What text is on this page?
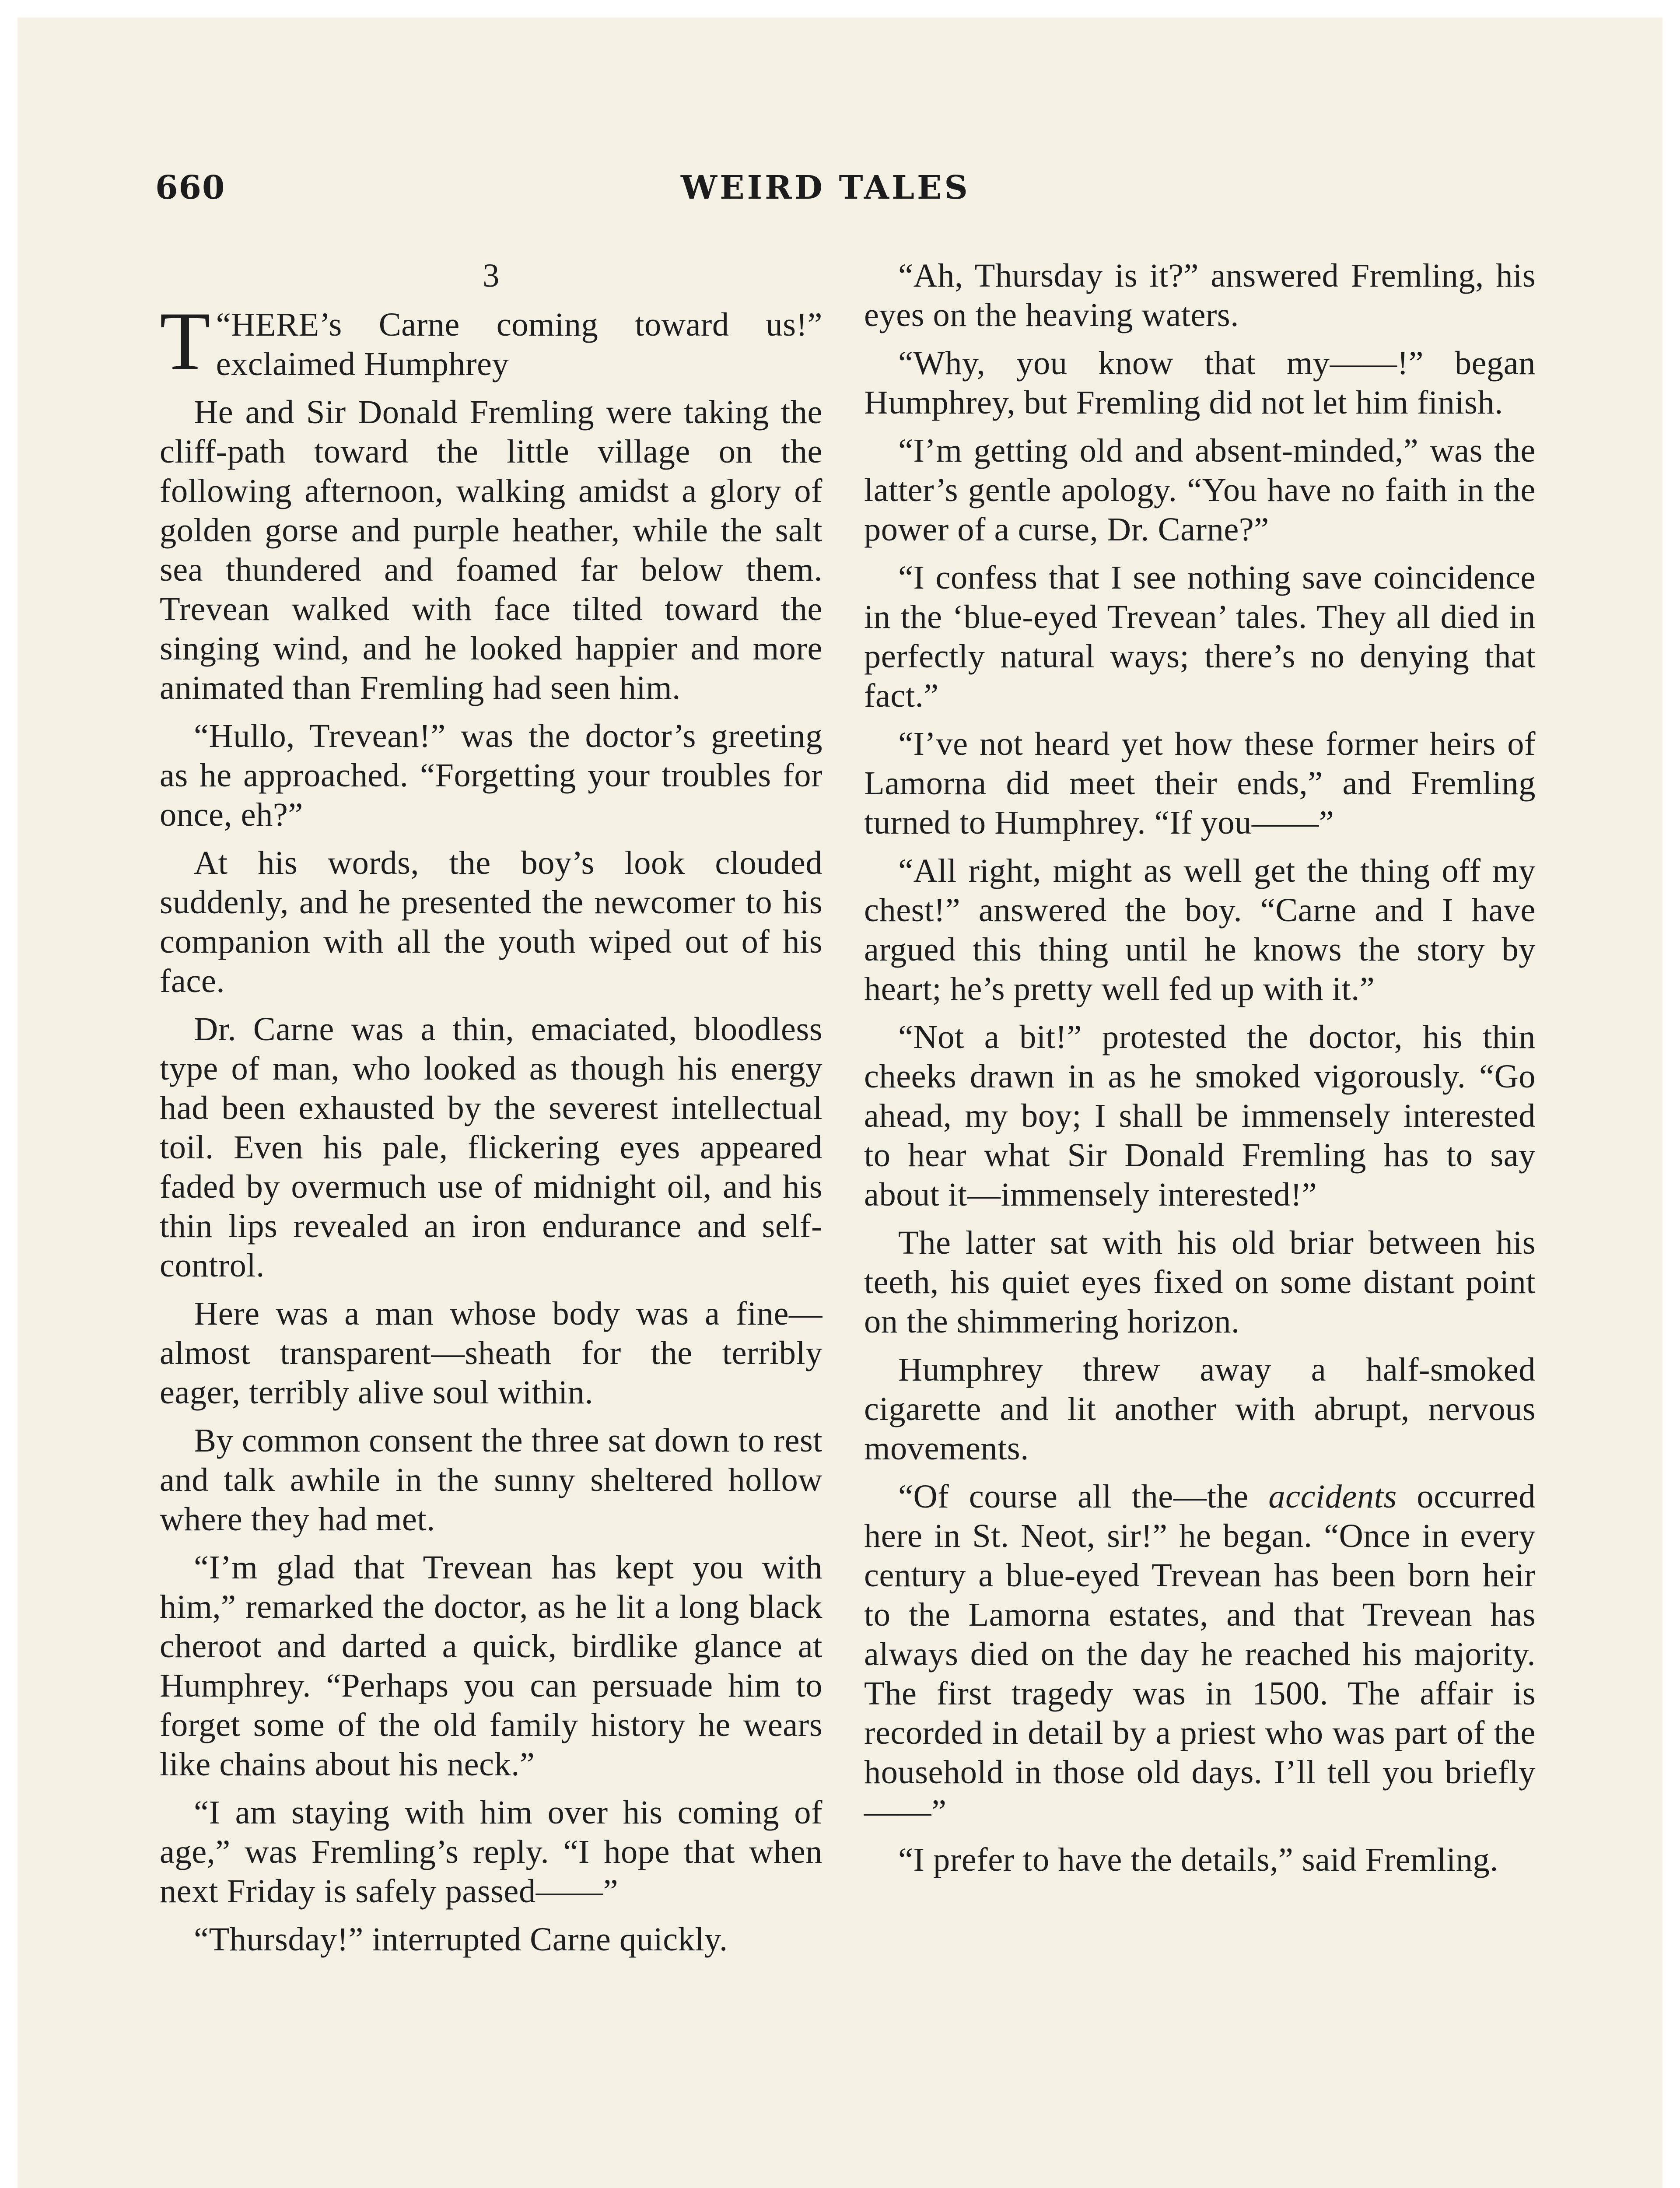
660	WEIRD TALES
3

“
T HERE’s Carne coming toward us!” exclaimed Humphrey

He and Sir Donald Fremling were taking the cliff-path toward the little village on the following afternoon, walking amidst a glory of golden gorse and purple heather, while the salt sea thundered and foamed far below them. Trevean walked with face tilted toward the singing wind, and he looked happier and more animated than Fremling had seen him.

“Hullo, Trevean!” was the doctor’s greeting as he approached. “Forgetting your troubles for once, eh?”

At his words, the boy’s look clouded suddenly, and he presented the newcomer to his companion with all the youth wiped out of his face.

Dr. Carne was a thin, emaciated, bloodless type of man, who looked as though his energy had been exhausted by the severest intellectual toil. Even his pale, flickering eyes appeared faded by overmuch use of midnight oil, and his thin lips revealed an iron endurance and self-control.

Here was a man whose body was a fine—almost transparent—sheath for the terribly eager, terribly alive soul within.

By common consent the three sat down to rest and talk awhile in the sunny sheltered hollow where they had met.

“I’m glad that Trevean has kept you with him,” remarked the doctor, as he lit a long black cheroot and darted a quick, birdlike glance at Humphrey. “Perhaps you can persuade him to forget some of the old family history he wears like chains about his neck.”

“I am staying with him over his coming of age,” was Fremling’s reply. “I hope that when next Friday is safely passed——”

“Thursday!” interrupted Carne quickly.

“Ah, Thursday is it?” answered Fremling, his eyes on the heaving waters.

“Why, you know that my——!” began Humphrey, but Fremling did not let him finish.

“I’m getting old and absent-minded,” was the latter’s gentle apology. “You have no faith in the power of a curse, Dr. Carne?”

“I confess that I see nothing save coincidence in the ‘blue-eyed Trevean’ tales. They all died in perfectly natural ways; there’s no denying that fact.”

“I’ve not heard yet how these former heirs of Lamorna did meet their ends,” and Fremling turned to Humphrey. “If you——”

“All right, might as well get the thing off my chest!” answered the boy. “Carne and I have argued this thing until he knows the story by heart; he’s pretty well fed up with it.”

“Not a bit!” protested the doctor, his thin cheeks drawn in as he smoked vigorously. “Go ahead, my boy; I shall be immensely interested to hear what Sir Donald Fremling has to say about it—immensely interested!”

The latter sat with his old briar between his teeth, his quiet eyes fixed on some distant point on the shimmering horizon.

Humphrey threw away a half-smoked cigarette and lit another with abrupt, nervous movements.

“Of course all the—the accidents occurred here in St. Neot, sir!” he began. “Once in every century a blue-eyed Trevean has been born heir to the Lamorna estates, and that Trevean has always died on the day he reached his majority. The first tragedy was in 1500. The affair is recorded in detail by a priest who was part of the household in those old days. I’ll tell you briefly——”

“I prefer to have the details,” said Fremling.
